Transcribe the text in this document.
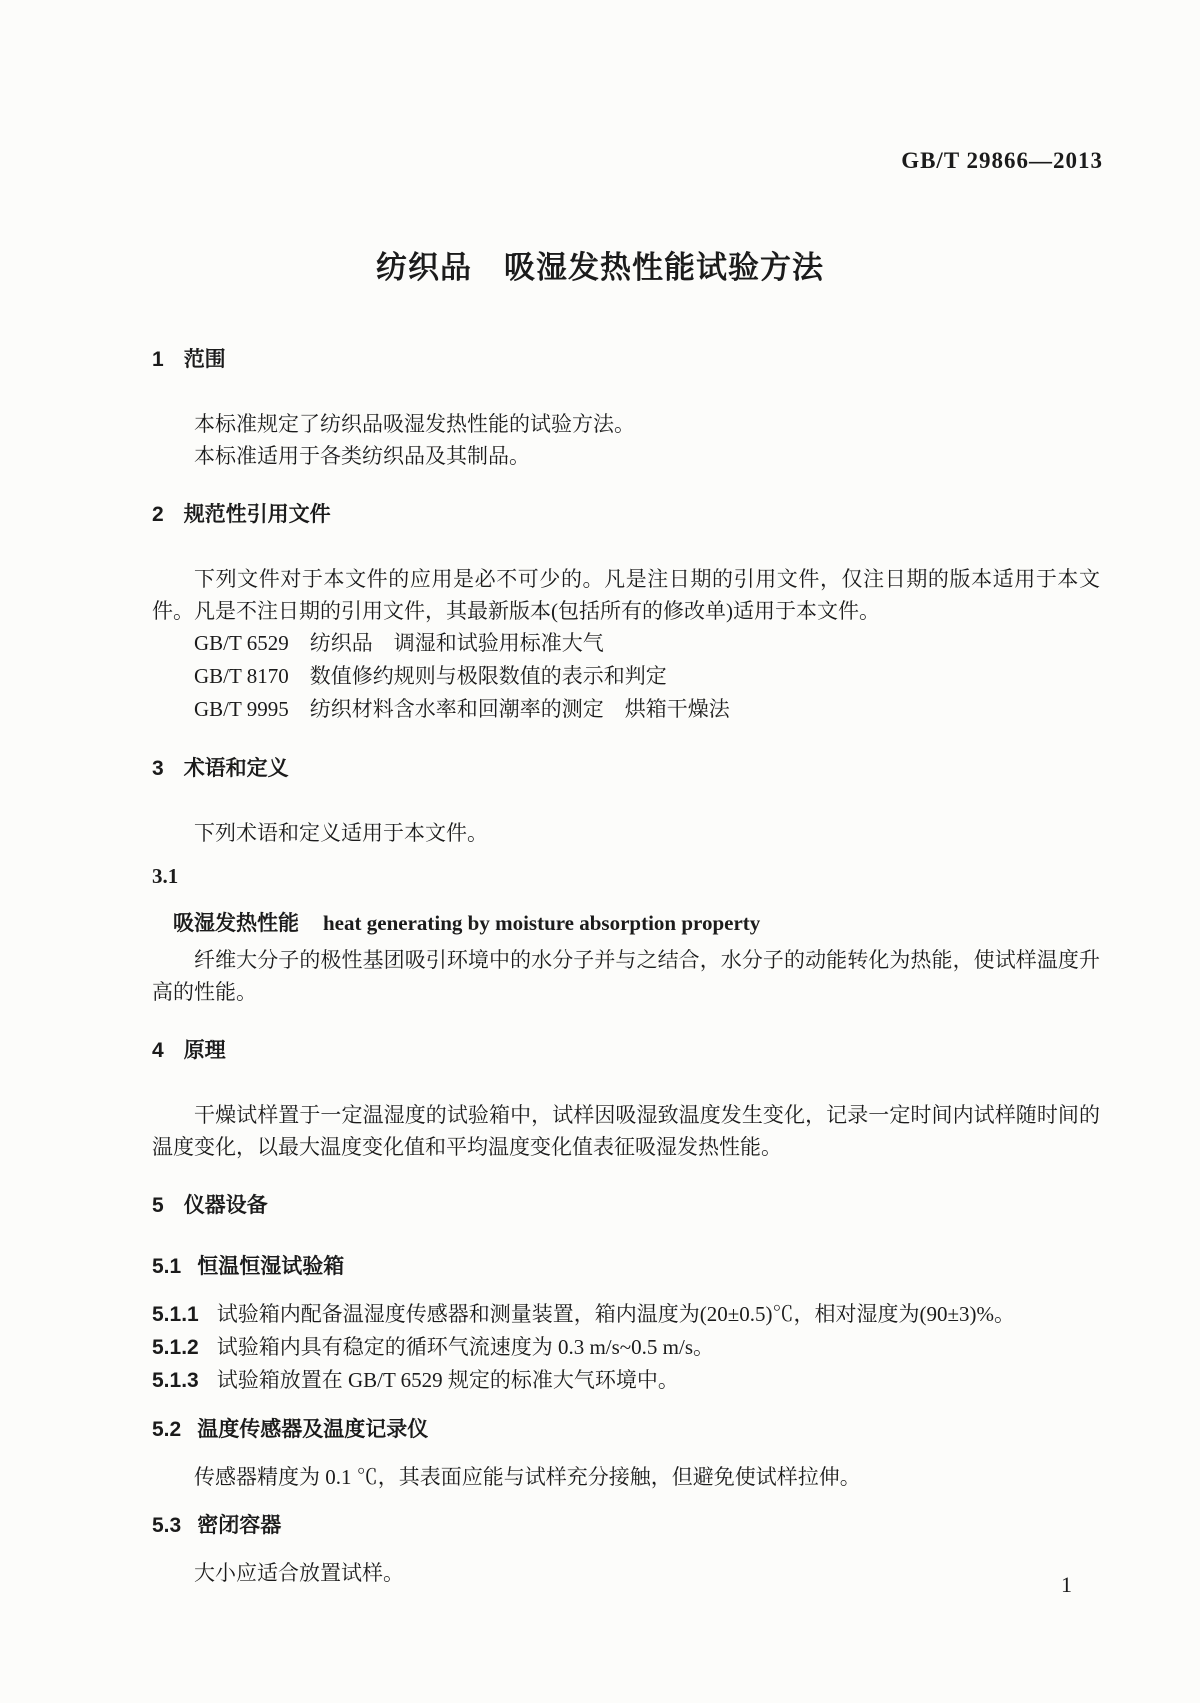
GB/T 29866—2013
纺织品　吸湿发热性能试验方法
1 范围

本标准规定了纺织品吸湿发热性能的试验方法。

本标准适用于各类纺织品及其制品。

2 规范性引用文件

下列文件对于本文件的应用是必不可少的。凡是注日期的引用文件，仅注日期的版本适用于本文件。凡是不注日期的引用文件，其最新版本(包括所有的修改单)适用于本文件。

GB/T 6529　纺织品　调湿和试验用标准大气

GB/T 8170　数值修约规则与极限数值的表示和判定

GB/T 9995　纺织材料含水率和回潮率的测定　烘箱干燥法

3 术语和定义

下列术语和定义适用于本文件。

3.1
吸湿发热性能 heat generating by moisture absorption property

纤维大分子的极性基团吸引环境中的水分子并与之结合，水分子的动能转化为热能，使试样温度升高的性能。

4 原理

干燥试样置于一定温湿度的试验箱中，试样因吸湿致温度发生变化，记录一定时间内试样随时间的温度变化，以最大温度变化值和平均温度变化值表征吸湿发热性能。

5 仪器设备
5.1 恒温恒湿试验箱

5.1.1 试验箱内配备温湿度传感器和测量装置，箱内温度为(20±0.5)℃，相对湿度为(90±3)%。

5.1.2 试验箱内具有稳定的循环气流速度为 0.3 m/s~0.5 m/s。

5.1.3 试验箱放置在 GB/T 6529 规定的标准大气环境中。

5.2 温度传感器及温度记录仪

传感器精度为 0.1 ℃，其表面应能与试样充分接触，但避免使试样拉伸。

5.3 密闭容器

大小应适合放置试样。	1
